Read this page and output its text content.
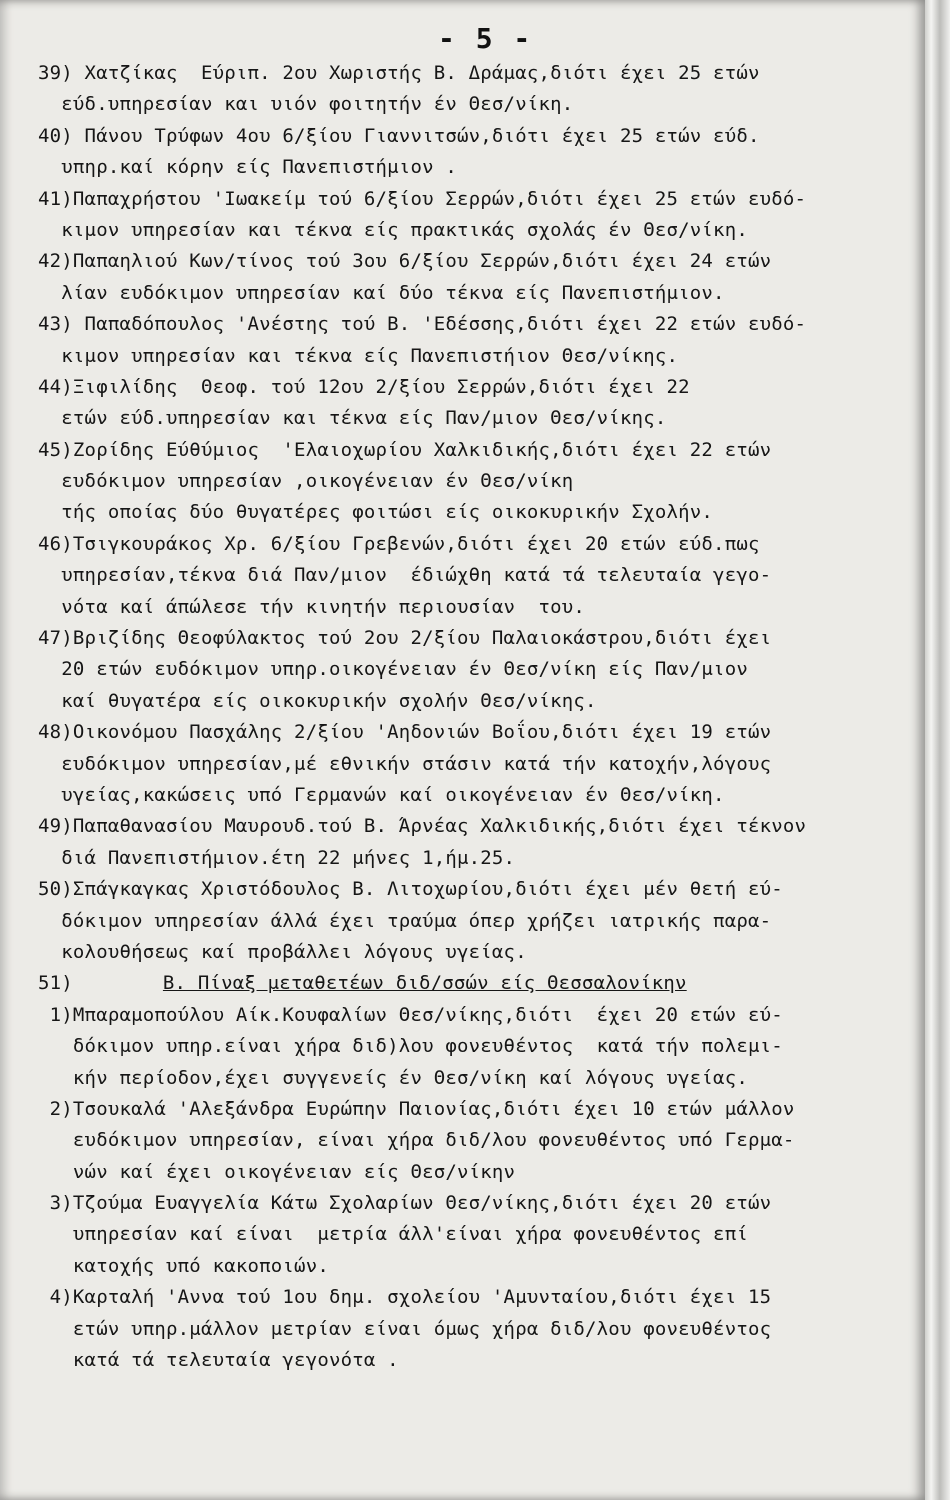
- 5 -
39) Χατζίκας  Εύριπ. 2ου Χωριστής Β. Δράμας,διότι έχει 25 ετών
εύδ.υπηρεσίαν και υιόν φοιτητήν έν Θεσ/νίκη.
40) Πάνου Τρύφων 4ου 6/ξίου Γιαννιτσών,διότι έχει 25 ετών εύδ.
υπηρ.καί κόρην είς Πανεπιστήμιον .
41)Παπαχρήστου 'Ιωακείμ τού 6/ξίου Σερρών,διότι έχει 25 ετών ευδό-
κιμον υπηρεσίαν και τέκνα είς πρακτικάς σχολάς έν Θεσ/νίκη.
42)Παπαηλιού Κων/τίνος τού 3ου 6/ξίου Σερρών,διότι έχει 24 ετών
λίαν ευδόκιμον υπηρεσίαν καί δύο τέκνα είς Πανεπιστήμιον.
43) Παπαδόπουλος 'Ανέστης τού Β. 'Εδέσσης,διότι έχει 22 ετών ευδό-
κιμον υπηρεσίαν και τέκνα είς Πανεπιστήιον Θεσ/νίκης.
44)Ξιφιλίδης  Θεοφ. τού 12ου 2/ξίου Σερρών,διότι έχει 22
ετών εύδ.υπηρεσίαν και τέκνα είς Παν/μιον Θεσ/νίκης.
45)Ζορίδης Εύθύμιος  'Ελαιοχωρίου Χαλκιδικής,διότι έχει 22 ετών
ευδόκιμον υπηρεσίαν ,οικογένειαν έν Θεσ/νίκη
τής οποίας δύο θυγατέρες φοιτώσι είς οικοκυρικήν Σχολήν.
46)Τσιγκουράκος Χρ. 6/ξίου Γρεβενών,διότι έχει 20 ετών εύδ.πως
υπηρεσίαν,τέκνα διά Παν/μιον  έδιώχθη κατά τά τελευταία γεγο-
νότα καί άπώλεσε τήν κινητήν περιουσίαν  του.
47)Βριζίδης Θεοφύλακτος τού 2ου 2/ξίου Παλαιοκάστρου,διότι έχει
20 ετών ευδόκιμον υπηρ.οικογένειαν έν Θεσ/νίκη είς Παν/μιον
καί θυγατέρα είς οικοκυρικήν σχολήν Θεσ/νίκης.
48)Οικονόμου Πασχάλης 2/ξίου 'Αηδονιών Βοΐου,διότι έχει 19 ετών
ευδόκιμον υπηρεσίαν,μέ εθνικήν στάσιν κατά τήν κατοχήν,λόγους
υγείας,κακώσεις υπό Γερμανών καί οικογένειαν έν Θεσ/νίκη.
49)Παπαθανασίου Μαυρουδ.τού Β. Άρνέας Χαλκιδικής,διότι έχει τέκνον
διά Πανεπιστήμιον.έτη 22 μήνες 1,ήμ.25.
50)Σπάγκαγκας Χριστόδουλος Β. Λιτοχωρίου,διότι έχει μέν θετή εύ-
δόκιμον υπηρεσίαν άλλά έχει τραύμα όπερ χρήζει ιατρικής παρα-
κολουθήσεως καί προβάλλει λόγους υγείας.
51)	Β. Πίναξ μεταθετέων διδ/σσών είς Θεσσαλονίκην
1)Μπαραμοπούλου Αίκ.Κουφαλίων Θεσ/νίκης,διότι  έχει 20 ετών εύ-
δόκιμον υπηρ.είναι χήρα διδ)λου φονευθέντος  κατά τήν πολεμι-
κήν περίοδον,έχει συγγενείς έν Θεσ/νίκη καί λόγους υγείας.
2)Τσουκαλά 'Αλεξάνδρα Ευρώπην Παιονίας,διότι έχει 10 ετών μάλλον
ευδόκιμον υπηρεσίαν, είναι χήρα διδ/λου φονευθέντος υπό Γερμα-
νών καί έχει οικογένειαν είς Θεσ/νίκην
3)Τζούμα Ευαγγελία Κάτω Σχολαρίων Θεσ/νίκης,διότι έχει 20 ετών
υπηρεσίαν καί είναι  μετρία άλλ'είναι χήρα φονευθέντος επί
κατοχής υπό κακοποιών.
4)Καρταλή 'Αννα τού 1ου δημ. σχολείου 'Αμυνταίου,διότι έχει 15
ετών υπηρ.μάλλον μετρίαν είναι όμως χήρα διδ/λου φονευθέντος
κατά τά τελευταία γεγονότα .
